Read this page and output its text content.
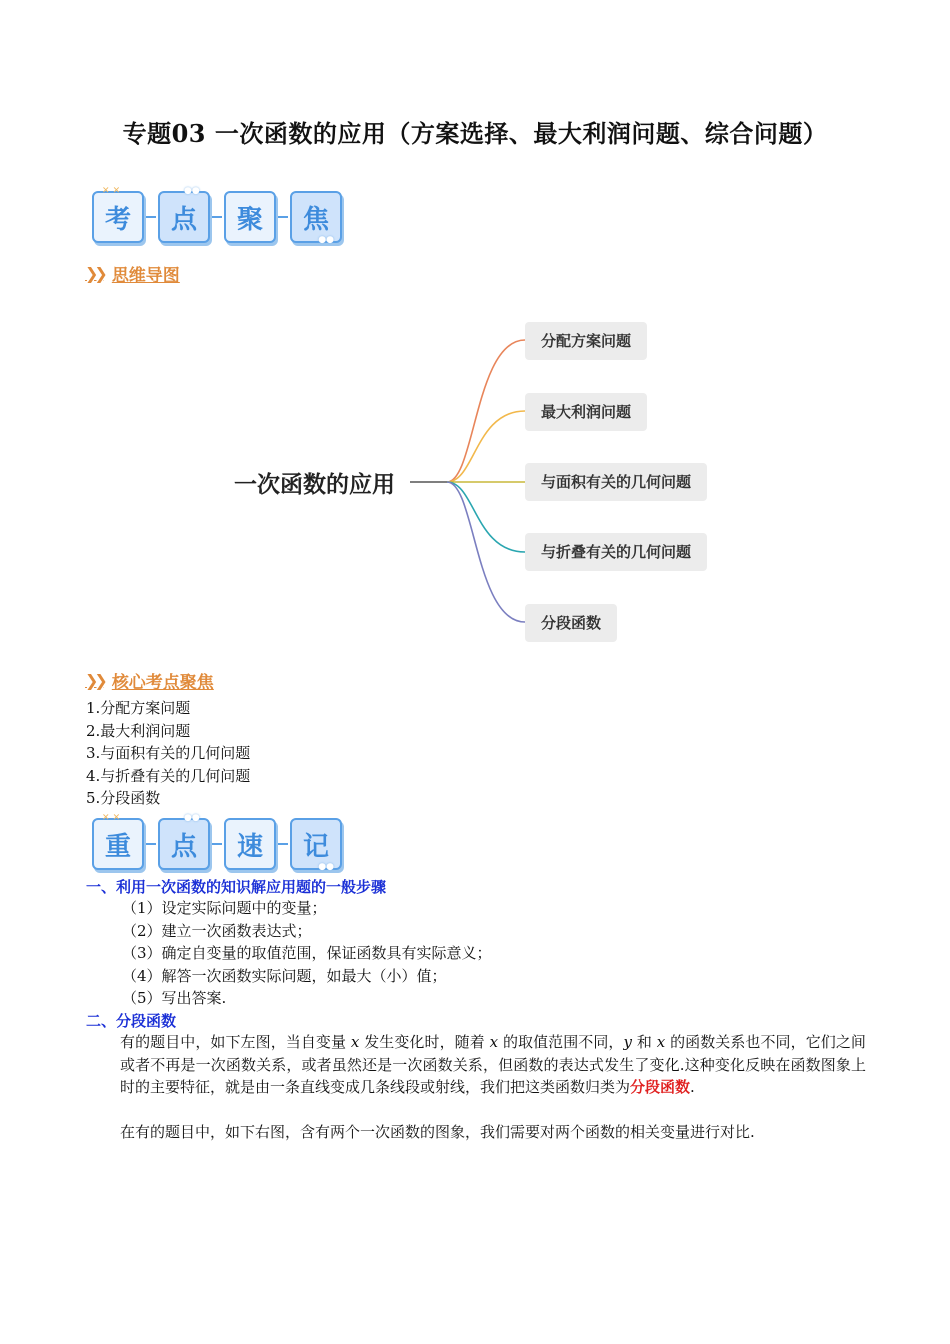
专题03 一次函数的应用（方案选择、最大利润问题、综合问题）
✕ ✕
考
●●
点 聚
●●
焦
❯❯ 思维导图
一次函数的应用
分配方案问题
最大利润问题
与面积有关的几何问题
与折叠有关的几何问题
分段函数
❯❯ 核心考点聚焦
1.分配方案问题
2.最大利润问题
3.与面积有关的几何问题
4.与折叠有关的几何问题
5.分段函数
✕ ✕
重
●●
点 速
●●
记
一、利用一次函数的知识解应用题的一般步骤
（1）设定实际问题中的变量；
（2）建立一次函数表达式；
（3）确定自变量的取值范围，保证函数具有实际意义；
（4）解答一次函数实际问题，如最大（小）值；
（5）写出答案.
二、分段函数
有的题目中，如下左图，当自变量 x 发生变化时，随着 x 的取值范围不同，y 和 x 的函数关系也不同，它们之间或者不再是一次函数关系，或者虽然还是一次函数关系，但函数的表达式发生了变化.这种变化反映在函数图象上时的主要特征，就是由一条直线变成几条线段或射线，我们把这类函数归类为分段函数.
在有的题目中，如下右图，含有两个一次函数的图象，我们需要对两个函数的相关变量进行对比.
